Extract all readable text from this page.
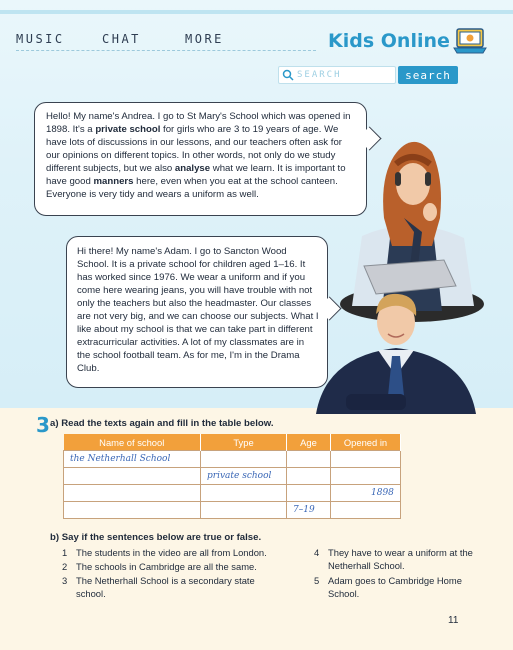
MUSIC	CHAT	MORE	Kids Online
SEARCH	search

Hello! My name's Andrea. I go to St Mary's School which was opened in 1898. It's a private school for girls who are 3 to 19 years of age. We have lots of discussions in our lessons, and our teachers often ask for our opinions on different topics. In other words, not only do we study different subjects, but we also analyse what we learn. It is important to have good manners here, even when you eat at the school canteen. Everyone is very tidy and wears a uniform as well.

Hi there! My name's Adam. I go to Sancton Wood School. It is a private school for children aged 1–16. It has worked since 1976. We wear a uniform and if you come here wearing jeans, you will have trouble with not only the teachers but also the headmaster. Our classes are not very big, and we can choose our subjects. What I like about my school is that we can take part in different extracurricular activities. A lot of my classmates are in the school football team. As for me, I'm in the Drama Club.

3 a) Read the texts again and fill in the table below.
Name of school	Type	Age	Opened in
the Netherhall School			
	private school		
			1898
		7–19	
b) Say if the sentences below are true or false.
1 The students in the video are all from London.
2 The schools in Cambridge are all the same.
3 The Netherhall School is a secondary state school.
4 They have to wear a uniform at the Netherhall School.
5 Adam goes to Cambridge Home School.
11
